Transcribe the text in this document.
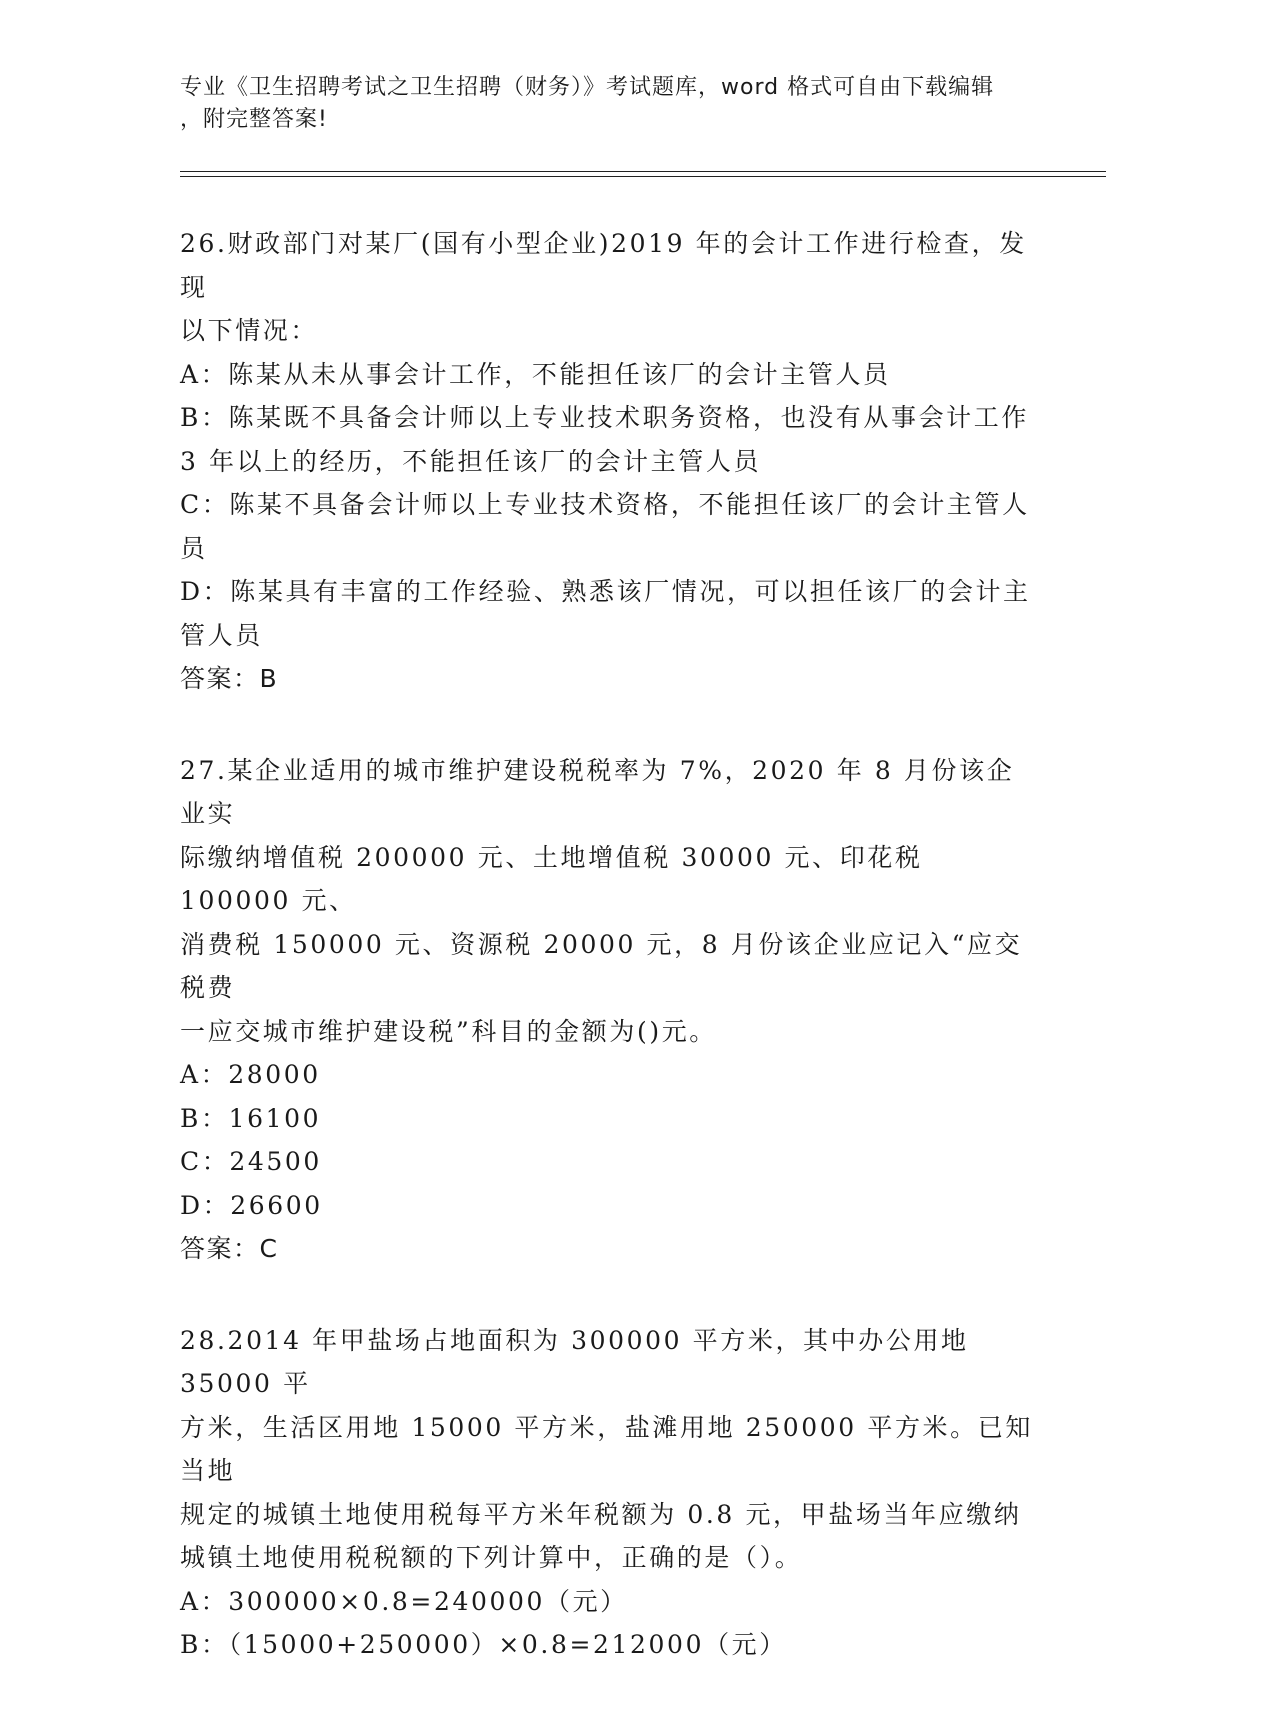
专业《卫生招聘考试之卫生招聘（财务）》考试题库，word 格式可自由下载编辑
，附完整答案!
26.财政部门对某厂(国有小型企业)2019 年的会计工作进行检查，发现
以下情况：
A：陈某从未从事会计工作，不能担任该厂的会计主管人员
B：陈某既不具备会计师以上专业技术职务资格，也没有从事会计工作
3 年以上的经历，不能担任该厂的会计主管人员
C：陈某不具备会计师以上专业技术资格，不能担任该厂的会计主管人
员
D：陈某具有丰富的工作经验、熟悉该厂情况，可以担任该厂的会计主
管人员
答案：B
27.某企业适用的城市维护建设税税率为 7%，2020 年 8 月份该企业实
际缴纳增值税 200000 元、土地增值税 30000 元、印花税 100000 元、
消费税 150000 元、资源税 20000 元，8 月份该企业应记入“应交税费
一应交城市维护建设税”科目的金额为()元。
A：28000
B：16100
C：24500
D：26600
答案：C
28.2014 年甲盐场占地面积为 300000 平方米，其中办公用地 35000 平
方米，生活区用地 15000 平方米，盐滩用地 250000 平方米。已知当地
规定的城镇土地使用税每平方米年税额为 0.8 元，甲盐场当年应缴纳
城镇土地使用税税额的下列计算中，正确的是（）。
A：300000×0.8=240000（元）
B：（15000+250000）×0.8=212000（元）
